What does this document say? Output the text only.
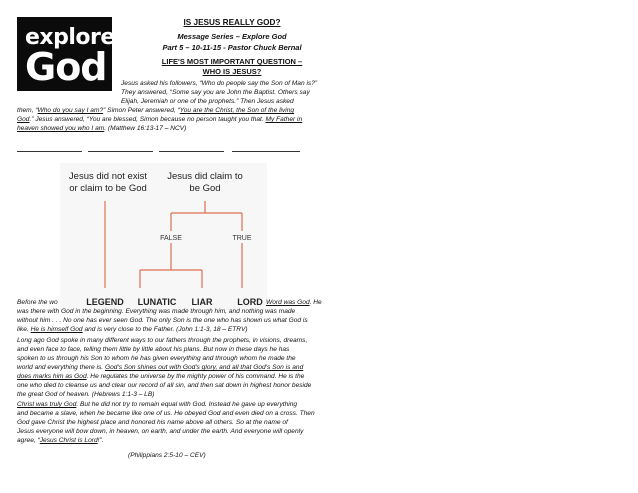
explore
God
IS JESUS REALLY GOD?
Message Series – Explore God
Part 5 – 10-11-15 - Pastor Chuck Bernal
LIFE'S MOST IMPORTANT QUESTION –
WHO IS JESUS?
Jesus asked his followers, “Who do people say the Son of Man is?”
They answered, “Some say you are John the Baptist. Others say
Elijah, Jeremiah or one of the prophets.” Then Jesus asked
them, “Who do you say I am?” Simon Peter answered, “You are the Christ, the Son of the living
God.” Jesus answered, “You are blessed, Simon because no person taught you that. My Father in
heaven showed you who I am. (Matthew 16:13-17 – NCV)
Jesus did not exist
or claim to be God
Jesus did claim to
be God
FALSE	TRUE
LEGEND LUNATIC LIAR	LORD
Before the wo	Word was God. He
was there with God in the beginning. Everything was made through him, and nothing was made
without him . . . No one has ever seen God. The only Son is the one who has shown us what God is
like. He is himself God and is very close to the Father. (John 1:1-3, 18 – ETRV)
Long ago God spoke in many different ways to our fathers through the prophets, in visions, dreams,
and even face to face, telling them little by little about his plans. But now in these days he has
spoken to us through his Son to whom he has given everything and through whom he made the
world and everything there is. God's Son shines out with God's glory, and all that God's Son is and
does marks him as God. He regulates the universe by the mighty power of his command. He is the
one who died to cleanse us and clear our record of all sin, and then sat down in highest honor beside
the great God of heaven. (Hebrews 1:1-3 – LB)
Christ was truly God. But he did not try to remain equal with God. Instead he gave up everything
and became a slave, when he became like one of us. He obeyed God and even died on a cross. Then
God gave Christ the highest place and honored his name above all others. So at the name of
Jesus everyone will bow down, in heaven, on earth, and under the earth. And everyone will openly
agree, “Jesus Christ is Lord!”.
(Philippians 2:5-10 – CEV)
